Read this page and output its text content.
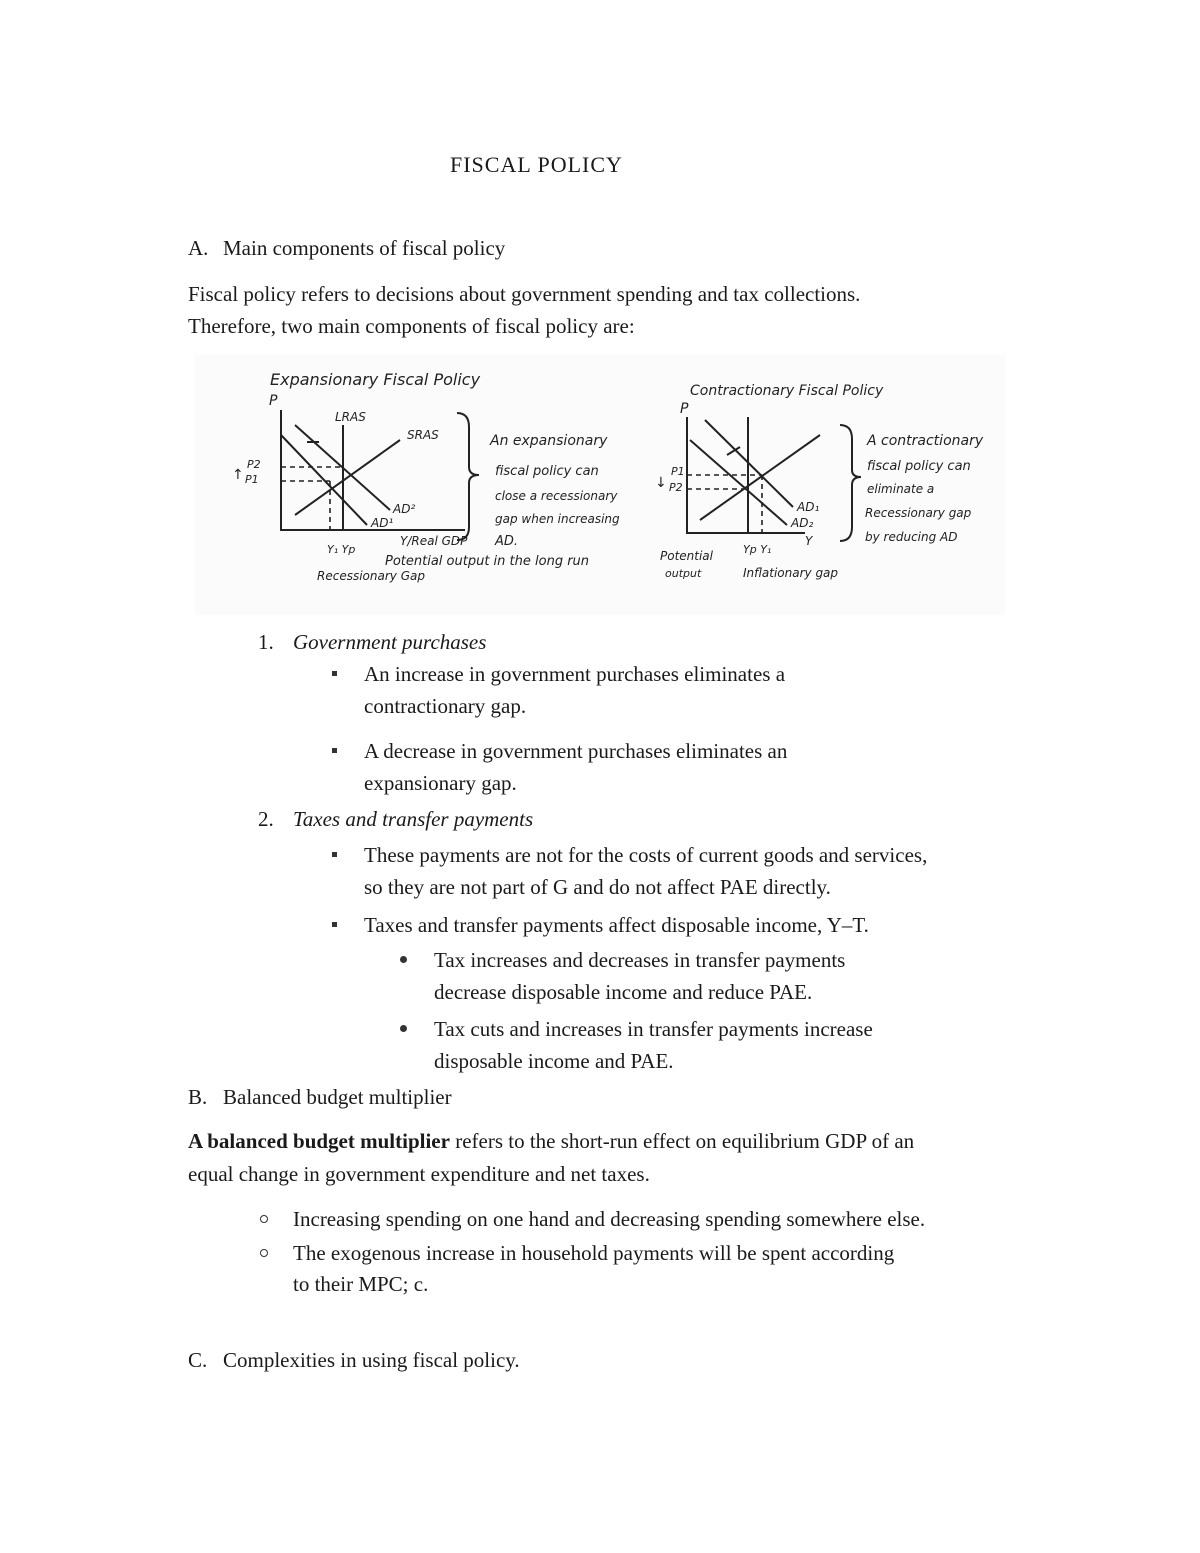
FISCAL POLICY
A. Main components of fiscal policy
Fiscal policy refers to decisions about government spending and tax collections.
Therefore, two main components of fiscal policy are:
Expansionary Fiscal Policy
P
LRAS
SRAS
AD²
AD¹
↑
P2
P1
Y/Real GDP
Y₁ Yp
Potential output in the long run
Recessionary Gap
An expansionary
fiscal policy can
close a recessionary
gap when increasing
AD.
Contractionary Fiscal Policy
P
AD₁
AD₂
↓
P1
P2
Y
Yp Y₁
Potential
output	Inflationary gap
A contractionary
fiscal policy can
eliminate a
Recessionary gap
by reducing AD
1. Government purchases
An increase in government purchases eliminates a
contractionary gap.
A decrease in government purchases eliminates an
expansionary gap.
2. Taxes and transfer payments
These payments are not for the costs of current goods and services,
so they are not part of G and do not affect PAE directly.
Taxes and transfer payments affect disposable income, Y–T.
Tax increases and decreases in transfer payments
decrease disposable income and reduce PAE.
Tax cuts and increases in transfer payments increase
disposable income and PAE.
B. Balanced budget multiplier
A balanced budget multiplier refers to the short-run effect on equilibrium GDP of an
equal change in government expenditure and net taxes.
Increasing spending on one hand and decreasing spending somewhere else.
The exogenous increase in household payments will be spent according
to their MPC; c.
C. Complexities in using fiscal policy.
